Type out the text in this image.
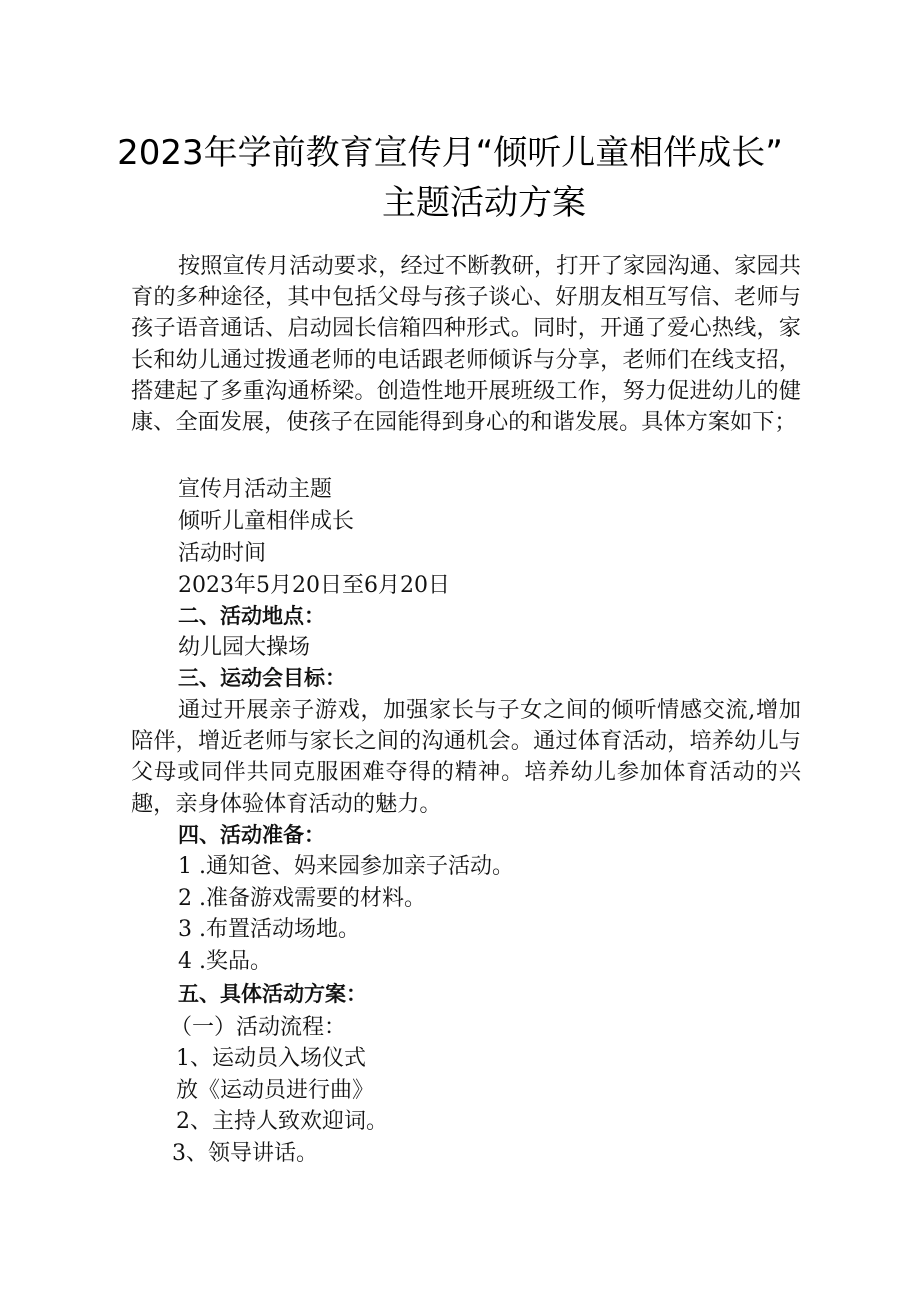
2023年学前教育宣传月“倾听儿童相伴成长”
主题活动方案

按照宣传月活动要求，经过不断教研，打开了家园沟通、家园共育的多种途径，其中包括父母与孩子谈心、好朋友相互写信、老师与孩子语音通话、启动园长信箱四种形式。同时，开通了爱心热线，家长和幼儿通过拨通老师的电话跟老师倾诉与分享，老师们在线支招，搭建起了多重沟通桥梁。创造性地开展班级工作，努力促进幼儿的健康、全面发展，使孩子在园能得到身心的和谐发展。具体方案如下；

宣传月活动主题
倾听儿童相伴成长
活动时间
2023年5月20日至6月20日
二、活动地点：
幼儿园大操场
三、运动会目标：

通过开展亲子游戏，加强家长与子女之间的倾听情感交流,增加陪伴，增近老师与家长之间的沟通机会。通过体育活动，培养幼儿与父母或同伴共同克服困难夺得的精神。培养幼儿参加体育活动的兴趣，亲身体验体育活动的魅力。

四、活动准备：
1 .通知爸、妈来园参加亲子活动。
2 .准备游戏需要的材料。
3 .布置活动场地。
4 .奖品。
五、具体活动方案：
（一）活动流程：
1、运动员入场仪式
放《运动员进行曲》
2、主持人致欢迎词。
3、领导讲话。
